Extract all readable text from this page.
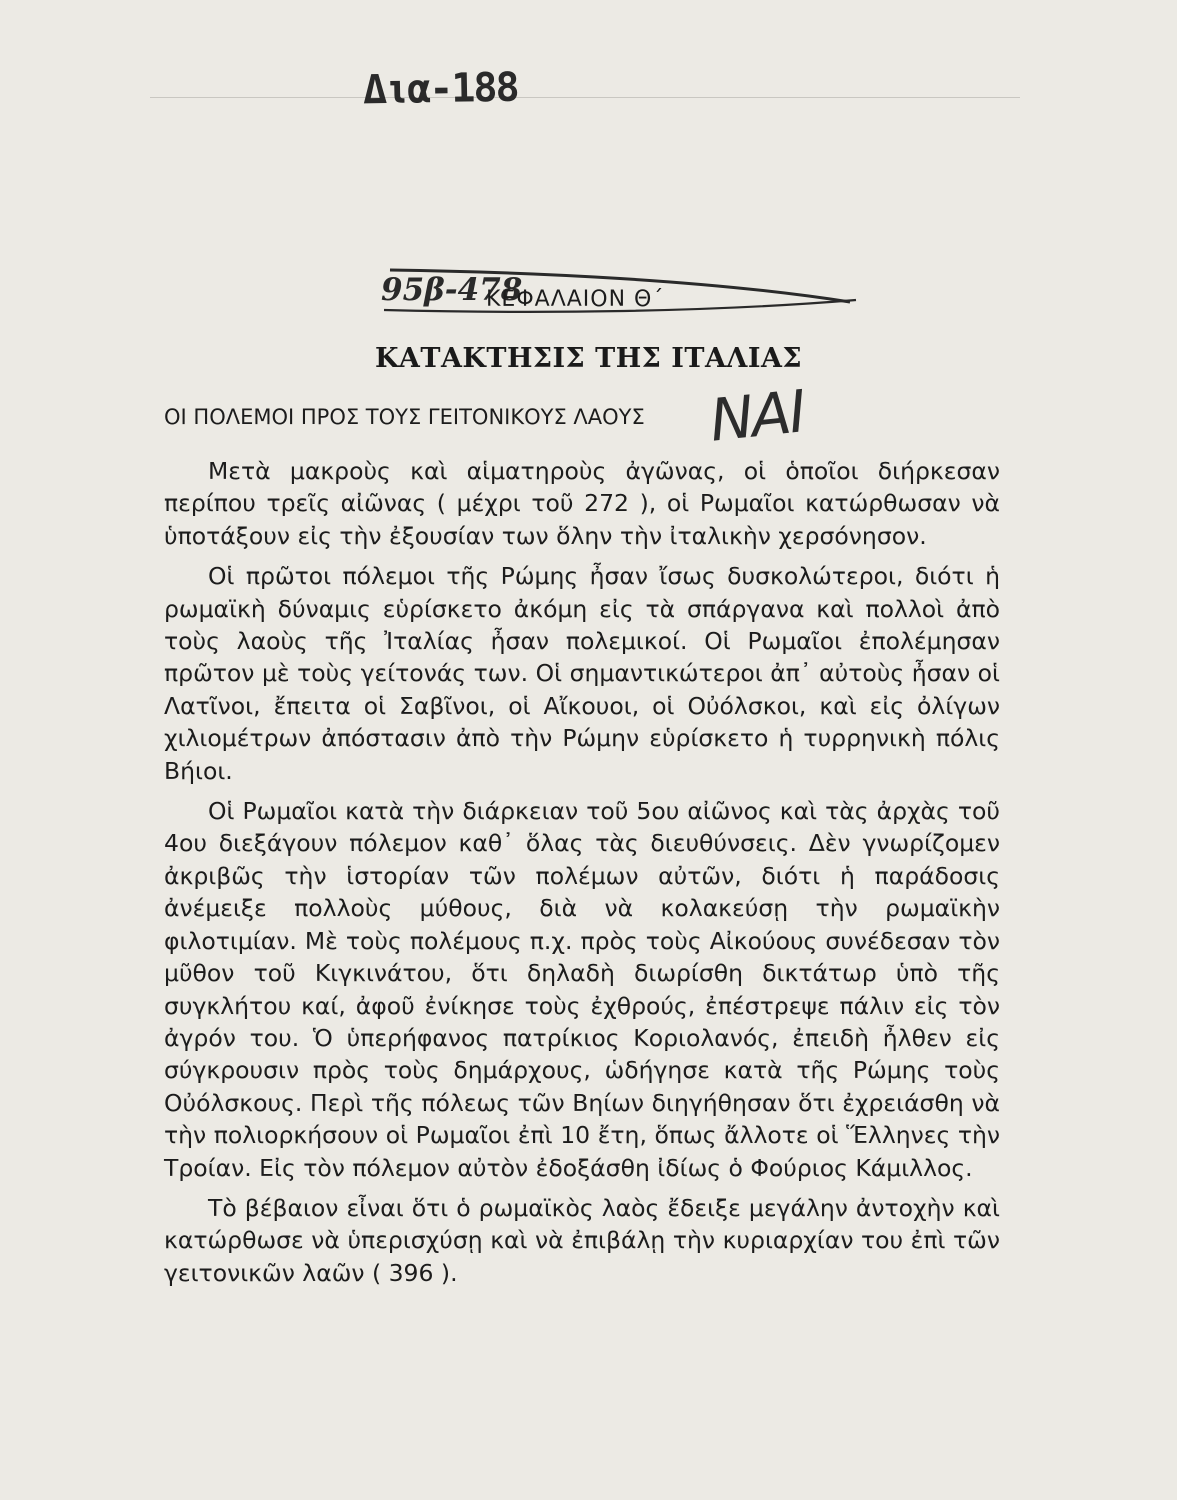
Δια-188
95β-478
ΚΕΦΑΛΑΙΟΝ Θ΄
ΚΑΤΑΚΤΗΣΙΣ ΤΗΣ ΙΤΑΛΙΑΣ
ΟΙ ΠΟΛΕΜΟΙ ΠΡΟΣ ΤΟΥΣ ΓΕΙΤΟΝΙΚΟΥΣ ΛΑΟΥΣ ΝΑΙ

Μετὰ μακροὺς καὶ αἱματηροὺς ἀγῶνας, οἱ ὁποῖοι διήρκεσαν περίπου τρεῖς αἰῶνας ( μέχρι τοῦ 272 ), οἱ Ρωμαῖοι κατώρθωσαν νὰ ὑποτάξουν εἰς τὴν ἐξουσίαν των ὅλην τὴν ἰταλικὴν χερσόνησον.

Οἱ πρῶτοι πόλεμοι τῆς Ρώμης ἦσαν ἴσως δυσκολώτεροι, διότι ἡ ρωμαϊκὴ δύναμις εὑρίσκετο ἀκόμη εἰς τὰ σπάργανα καὶ πολλοὶ ἀπὸ τοὺς λαοὺς τῆς Ἰταλίας ἦσαν πολεμικοί. Οἱ Ρωμαῖοι ἐπολέμησαν πρῶτον μὲ τοὺς γείτονάς των. Οἱ σημαντικώτεροι ἀπ᾽ αὐτοὺς ἦσαν οἱ Λατῖνοι, ἔπειτα οἱ Σαβῖνοι, οἱ Αἴκουοι, οἱ Οὐόλσκοι, καὶ εἰς ὀλίγων χιλιομέτρων ἀπόστασιν ἀπὸ τὴν Ρώμην εὑρίσκετο ἡ τυρρηνικὴ πόλις Βήιοι.

Οἱ Ρωμαῖοι κατὰ τὴν διάρκειαν τοῦ 5ου αἰῶνος καὶ τὰς ἀρχὰς τοῦ 4ου διεξάγουν πόλεμον καθ᾽ ὅλας τὰς διευθύνσεις. Δὲν γνωρίζομεν ἀκριβῶς τὴν ἱστορίαν τῶν πολέμων αὐτῶν, διότι ἡ παράδοσις ἀνέμειξε πολλοὺς μύθους, διὰ νὰ κολακεύσῃ τὴν ρωμαϊκὴν φιλοτιμίαν. Μὲ τοὺς πολέμους π.χ. πρὸς τοὺς Αἰκούους συνέδεσαν τὸν μῦθον τοῦ Κιγκινάτου, ὅτι δηλαδὴ διωρίσθη δικτάτωρ ὑπὸ τῆς συγκλήτου καί, ἀφοῦ ἐνίκησε τοὺς ἐχθρούς, ἐπέστρεψε πάλιν εἰς τὸν ἀγρόν του. Ὁ ὑπερήφανος πατρίκιος Κοριολανός, ἐπειδὴ ἦλθεν εἰς σύγκρουσιν πρὸς τοὺς δημάρχους, ὡδήγησε κατὰ τῆς Ρώμης τοὺς Οὐόλσκους. Περὶ τῆς πόλεως τῶν Βηίων διηγήθησαν ὅτι ἐχρειάσθη νὰ τὴν πολιορκήσουν οἱ Ρωμαῖοι ἐπὶ 10 ἔτη, ὅπως ἄλλοτε οἱ Ἕλληνες τὴν Τροίαν. Εἰς τὸν πόλεμον αὐτὸν ἐδοξάσθη ἰδίως ὁ Φούριος Κάμιλλος.

Τὸ βέβαιον εἶναι ὅτι ὁ ρωμαϊκὸς λαὸς ἔδειξε μεγάλην ἀντοχὴν καὶ κατώρθωσε νὰ ὑπερισχύσῃ καὶ νὰ ἐπιβάλῃ τὴν κυριαρχίαν του ἐπὶ τῶν γειτονικῶν λαῶν ( 396 ).
